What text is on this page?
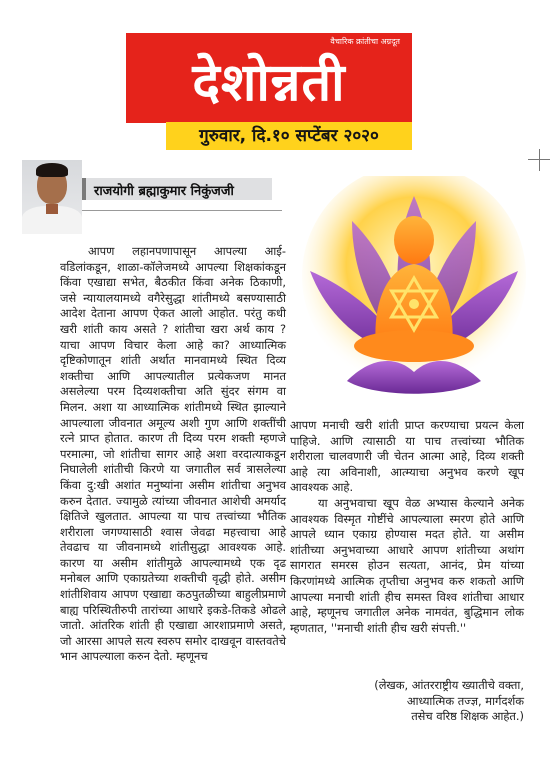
वैचारिक क्रांतीचा अग्रदूत
देशोन्नती
गुरुवार, दि.१० सप्टेंबर २०२०
राजयोगी ब्रह्माकुमार निकुंजजी

आपण लहानपणापासून आपल्या आई-वडिलांकडून, शाळा-कॉलेजमध्ये आपल्या शिक्षकांकडून किंवा एखाद्या सभेत, बैठकीत किंवा अनेक ठिकाणी, जसे न्यायालयामध्ये वगैरेसुद्धा शांतीमध्ये बसण्यासाठी आदेश देताना आपण ऐकत आलो आहोत. परंतु कधी खरी शांती काय असते ? शांतीचा खरा अर्थ काय ? याचा आपण विचार केला आहे का? आध्यात्मिक दृष्टिकोणातून शांती अर्थात मानवामध्ये स्थित दिव्य शक्तीचा आणि आपल्यातील प्रत्येकजण मानत असलेल्या परम दिव्यशक्तीचा अति सुंदर संगम वा मिलन. अशा या आध्यात्मिक शांतीमध्ये स्थित झाल्याने आपल्याला जीवनात अमूल्य अशी गुण आणि शक्तींची रत्ने प्राप्त होतात. कारण ती दिव्य परम शक्ती म्हणजे परमात्मा, जो शांतीचा सागर आहे अशा वरदात्याकडून निघालेली शांतीची किरणे या जगातील सर्व त्रासलेल्या किंवा दु:खी अशांत मनुष्यांना असीम शांतीचा अनुभव करुन देतात. ज्यामुळे त्यांच्या जीवनात आशेची अमर्याद क्षितिजे खुलतात. आपल्या या पाच तत्त्वांच्या भौतिक शरीराला जगण्यासाठी श्वास जेवढा महत्त्वाचा आहे तेवढाच या जीवनामध्ये शांतीसुद्धा आवश्यक आहे. कारण या असीम शांतीमुळे आपल्यामध्ये एक दृढ मनोबल आणि एकाग्रतेच्या शक्तीची वृद्धी होते. असीम शांतीशिवाय आपण एखाद्या कठपुतळीच्या बाहुलीप्रमाणे बाह्य परिस्थितीरुपी तारांच्या आधारे इकडे-तिकडे ओढले जातो. आंतरिक शांती ही एखाद्या आरशाप्रमाणे असते, जो आरसा आपले सत्य स्वरुप समोर दाखवून वास्तवतेचे भान आपल्याला करुन देतो. म्हणूनच

आपण मनाची खरी शांती प्राप्त करण्याचा प्रयत्न केला पाहिजे. आणि त्यासाठी या पाच तत्त्वांच्या भौतिक शरीराला चालवणारी जी चेतन आत्मा आहे, दिव्य शक्ती आहे त्या अविनाशी, आत्म्याचा अनुभव करणे खूप आवश्यक आहे.

या अनुभवाचा खूप वेळ अभ्यास केल्याने अनेक आवश्यक विस्मृत गोष्टींचे आपल्याला स्मरण होते आणि आपले ध्यान एकाग्र होण्यास मदत होते. या असीम शांतीच्या अनुभवाच्या आधारे आपण शांतीच्या अथांग सागरात समरस होउन सत्यता, आनंद, प्रेम यांच्या किरणांमध्ये आत्मिक तृप्तीचा अनुभव करु शकतो आणि आपल्या मनाची शांती हीच समस्त विश्व शांतीचा आधार आहे, म्हणूनच जगातील अनेक नामवंत, बुद्धिमान लोक म्हणतात, ''मनाची शांती हीच खरी संपत्ती.''

(लेखक, आंतरराष्ट्रीय ख्यातीचे वक्ता,
आध्यात्मिक तज्ज्ञ, मार्गदर्शक
तसेच वरिष्ठ शिक्षक आहेत.)
